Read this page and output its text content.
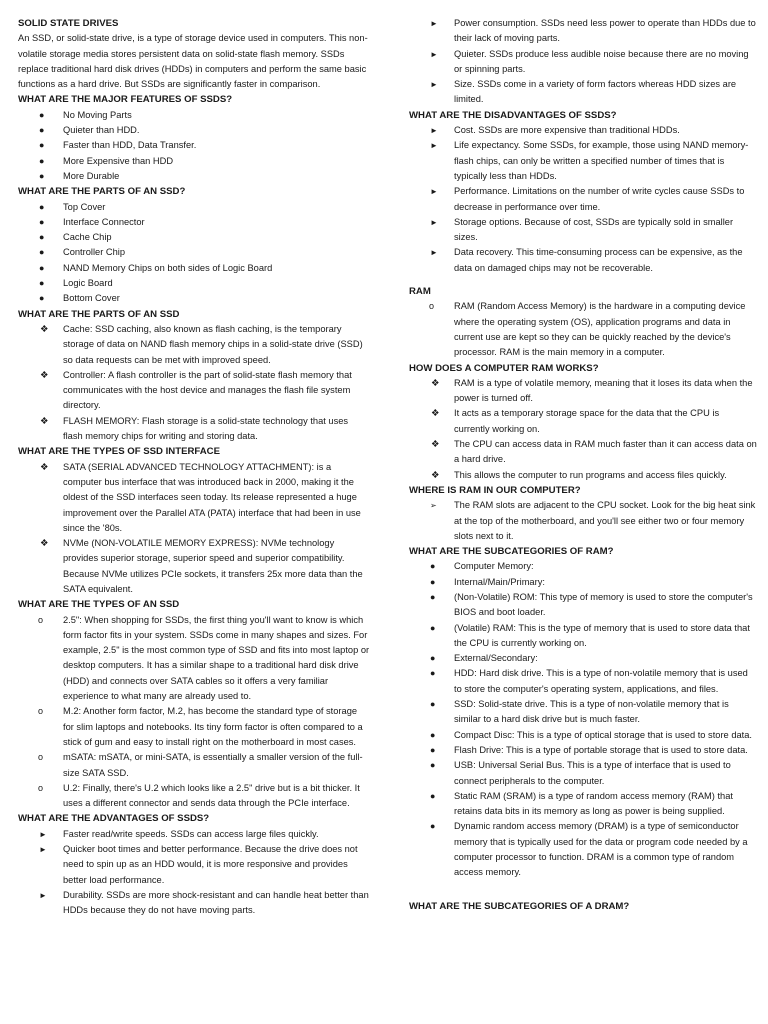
SOLID STATE DRIVES

An SSD, or solid-state drive, is a type of storage device used in computers. This non-volatile storage media stores persistent data on solid-state flash memory. SSDs replace traditional hard disk drives (HDDs) in computers and perform the same basic functions as a hard drive. But SSDs are significantly faster in comparison.

WHAT ARE THE MAJOR FEATURES OF SSDS?

● No Moving Parts
● Quieter than HDD.
● Faster than HDD, Data Transfer.
● More Expensive than HDD
● More Durable

WHAT ARE THE PARTS OF AN SSD?

● Top Cover
● Interface Connector
● Cache Chip
● Controller Chip
● NAND Memory Chips on both sides of Logic Board
● Logic Board
● Bottom Cover

WHAT ARE THE PARTS OF AN SSD

❖ Cache: SSD caching, also known as flash caching, is the temporary storage of data on NAND flash memory chips in a solid-state drive (SSD) so data requests can be met with improved speed.
❖ Controller: A flash controller is the part of solid-state flash memory that communicates with the host device and manages the flash file system directory.
❖ FLASH MEMORY: Flash storage is a solid-state technology that uses flash memory chips for writing and storing data.

WHAT ARE THE TYPES OF SSD INTERFACE

❖ SATA (SERIAL ADVANCED TECHNOLOGY ATTACHMENT): is a computer bus interface that was introduced back in 2000, making it the oldest of the SSD interfaces seen today. Its release represented a huge improvement over the Parallel ATA (PATA) interface that had been in use since the '80s.
❖ NVMe (NON-VOLATILE MEMORY EXPRESS): NVMe technology provides superior storage, superior speed and superior compatibility. Because NVMe utilizes PCIe sockets, it transfers 25x more data than the SATA equivalent.

WHAT ARE THE TYPES OF AN SSD

o 2.5": When shopping for SSDs, the first thing you'll want to know is which form factor fits in your system. SSDs come in many shapes and sizes. For example, 2.5" is the most common type of SSD and fits into most laptop or desktop computers. It has a similar shape to a traditional hard disk drive (HDD) and connects over SATA cables so it offers a very familiar experience to what many are already used to.
o M.2: Another form factor, M.2, has become the standard type of storage for slim laptops and notebooks. Its tiny form factor is often compared to a stick of gum and easy to install right on the motherboard in most cases.
o mSATA: mSATA, or mini-SATA, is essentially a smaller version of the full-size SATA SSD.
o U.2: Finally, there's U.2 which looks like a 2.5" drive but is a bit thicker. It uses a different connector and sends data through the PCIe interface.

WHAT ARE THE ADVANTAGES OF SSDS?

► Faster read/write speeds. SSDs can access large files quickly.
► Quicker boot times and better performance. Because the drive does not need to spin up as an HDD would, it is more responsive and provides better load performance.
► Durability. SSDs are more shock-resistant and can handle heat better than HDDs because they do not have moving parts.
► Power consumption. SSDs need less power to operate than HDDs due to their lack of moving parts.
► Quieter. SSDs produce less audible noise because there are no moving or spinning parts.
► Size. SSDs come in a variety of form factors whereas HDD sizes are limited.

WHAT ARE THE DISADVANTAGES OF SSDS?

► Cost. SSDs are more expensive than traditional HDDs.
► Life expectancy. Some SSDs, for example, those using NAND memory-flash chips, can only be written a specified number of times that is typically less than HDDs.
► Performance. Limitations on the number of write cycles cause SSDs to decrease in performance over time.
► Storage options. Because of cost, SSDs are typically sold in smaller sizes.
► Data recovery. This time-consuming process can be expensive, as the data on damaged chips may not be recoverable.

RAM

o RAM (Random Access Memory) is the hardware in a computing device where the operating system (OS), application programs and data in current use are kept so they can be quickly reached by the device's processor. RAM is the main memory in a computer.

HOW DOES A COMPUTER RAM WORKS?

❖ RAM is a type of volatile memory, meaning that it loses its data when the power is turned off.
❖ It acts as a temporary storage space for the data that the CPU is currently working on.
❖ The CPU can access data in RAM much faster than it can access data on a hard drive.
❖ This allows the computer to run programs and access files quickly.

WHERE IS RAM IN OUR COMPUTER?

➢ The RAM slots are adjacent to the CPU socket. Look for the big heat sink at the top of the motherboard, and you'll see either two or four memory slots next to it.

WHAT ARE THE SUBCATEGORIES OF RAM?

● Computer Memory:
● Internal/Main/Primary:
● (Non-Volatile) ROM: This type of memory is used to store the computer's BIOS and boot loader.
● (Volatile) RAM: This is the type of memory that is used to store data that the CPU is currently working on.
● External/Secondary:
● HDD: Hard disk drive. This is a type of non-volatile memory that is used to store the computer's operating system, applications, and files.
● SSD: Solid-state drive. This is a type of non-volatile memory that is similar to a hard disk drive but is much faster.
● Compact Disc: This is a type of optical storage that is used to store data.
● Flash Drive: This is a type of portable storage that is used to store data.
● USB: Universal Serial Bus. This is a type of interface that is used to connect peripherals to the computer.
● Static RAM (SRAM) is a type of random access memory (RAM) that retains data bits in its memory as long as power is being supplied.
● Dynamic random access memory (DRAM) is a type of semiconductor memory that is typically used for the data or program code needed by a computer processor to function. DRAM is a common type of random access memory.

WHAT ARE THE SUBCATEGORIES OF A DRAM?
